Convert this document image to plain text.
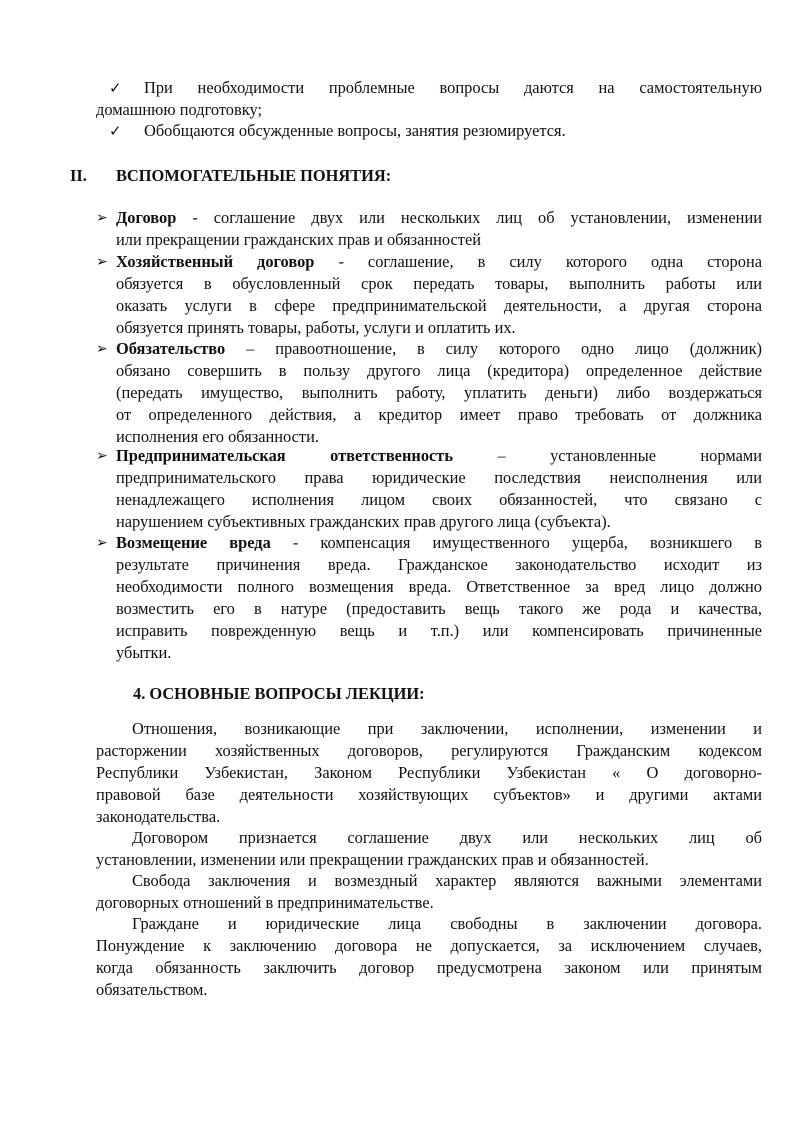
✓	При необходимости проблемные вопросы даются на самостоятельную
домашнюю подготовку;
✓	Обобщаются обсужденные вопросы, занятия резюмируется.
II. ВСПОМОГАТЕЛЬНЫЕ ПОНЯТИЯ:
➢ Договор - соглашение двух или нескольких лиц об установлении, изменении
или прекращении гражданских прав и обязанностей
➢ Хозяйственный договор - соглашение, в силу которого одна сторона
обязуется в обусловленный срок передать товары, выполнить работы или
оказать услуги в сфере предпринимательской деятельности, а другая сторона
обязуется принять товары, работы, услуги и оплатить их.
➢ Обязательство – правоотношение, в силу которого одно лицо (должник)
обязано совершить в пользу другого лица (кредитора) определенное действие
(передать имущество, выполнить работу, уплатить деньги) либо воздержаться
от определенного действия, а кредитор имеет право требовать от должника
исполнения его обязанности.
➢ Предпринимательская ответственность – установленные нормами
предпринимательского права юридические последствия неисполнения или
ненадлежащего исполнения лицом своих обязанностей, что связано с
нарушением субъективных гражданских прав другого лица (субъекта).
➢ Возмещение вреда - компенсация имущественного ущерба, возникшего в
результате причинения вреда. Гражданское законодательство исходит из
необходимости полного возмещения вреда. Ответственное за вред лицо должно
возместить его в натуре (предоставить вещь такого же рода и качества,
исправить поврежденную вещь и т.п.) или компенсировать причиненные
убытки.
4. ОСНОВНЫЕ ВОПРОСЫ ЛЕКЦИИ:
Отношения, возникающие при заключении, исполнении, изменении и
расторжении хозяйственных договоров, регулируются Гражданским кодексом
Республики Узбекистан, Законом Республики Узбекистан « О договорно-
правовой базе деятельности хозяйствующих субъектов» и другими актами
законодательства.
Договором признается соглашение двух или нескольких лиц об
установлении, изменении или прекращении гражданских прав и обязанностей.
Свобода заключения и возмездный характер являются важными элементами
договорных отношений в предпринимательстве.
Граждане и юридические лица свободны в заключении договора.
Понуждение к заключению договора не допускается, за исключением случаев,
когда обязанность заключить договор предусмотрена законом или принятым
обязательством.
